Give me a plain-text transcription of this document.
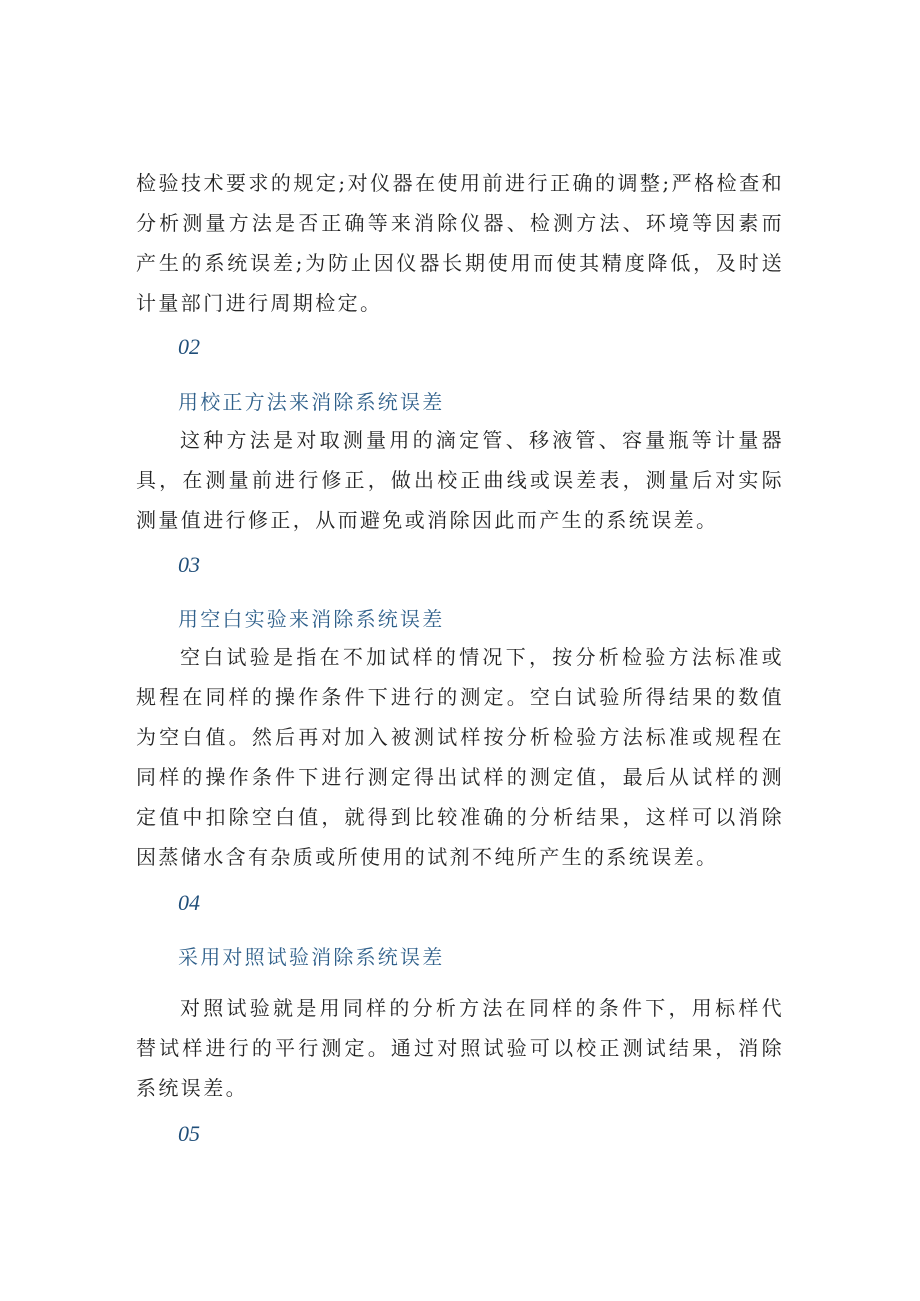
检验技术要求的规定;对仪器在使用前进行正确的调整;严格检查和分析测量方法是否正确等来消除仪器、检测方法、环境等因素而产生的系统误差;为防止因仪器长期使用而使其精度降低，及时送计量部门进行周期检定。

02

用校正方法来消除系统误差

这种方法是对取测量用的滴定管、移液管、容量瓶等计量器具，在测量前进行修正，做出校正曲线或误差表，测量后对实际测量值进行修正，从而避免或消除因此而产生的系统误差。

03

用空白实验来消除系统误差

空白试验是指在不加试样的情况下，按分析检验方法标准或规程在同样的操作条件下进行的测定。空白试验所得结果的数值为空白值。然后再对加入被测试样按分析检验方法标准或规程在同样的操作条件下进行测定得出试样的测定值，最后从试样的测定值中扣除空白值，就得到比较准确的分析结果，这样可以消除因蒸储水含有杂质或所使用的试剂不纯所产生的系统误差。

04

采用对照试验消除系统误差

对照试验就是用同样的分析方法在同样的条件下，用标样代替试样进行的平行测定。通过对照试验可以校正测试结果，消除系统误差。

05
